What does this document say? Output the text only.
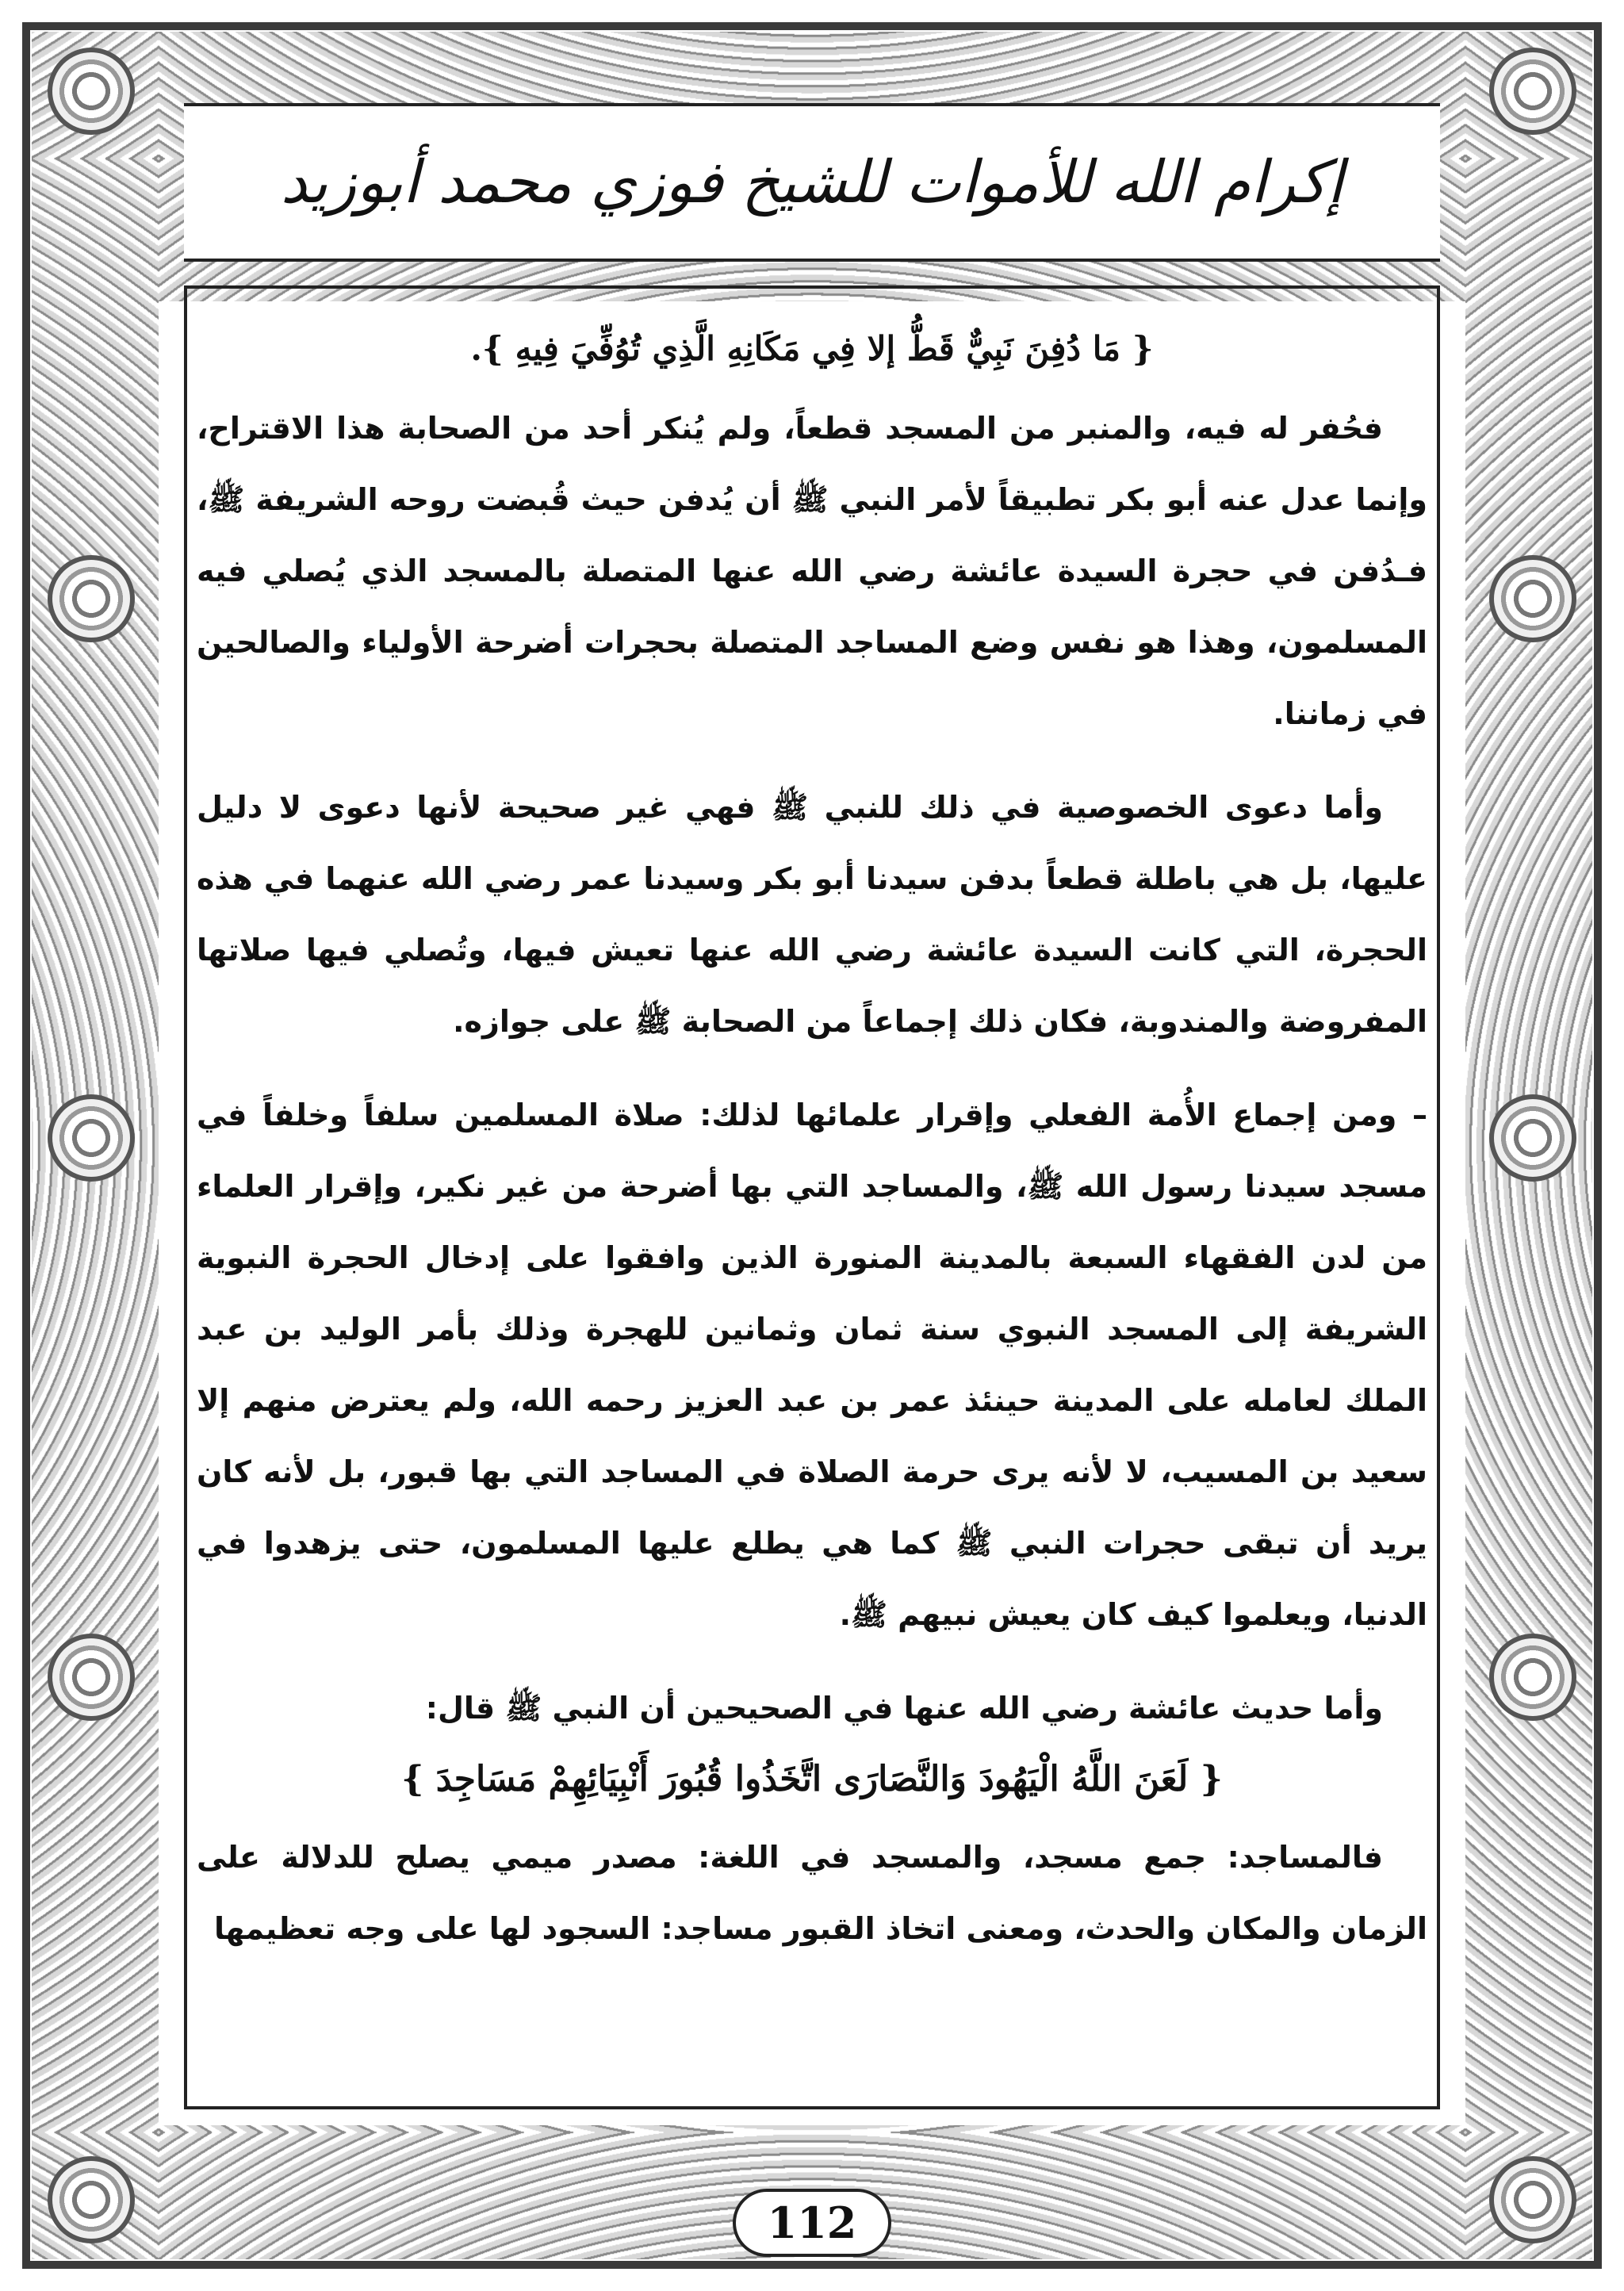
إكرام الله للأموات للشيخ فوزي محمد أبوزيد

{ مَا دُفِنَ نَبِيٌّ قَطُّ إلا فِي مَكَانِهِ الَّذِي تُوُفِّيَ فِيهِ }.

فحُفر له فيه، والمنبر من المسجد قطعاً، ولم يُنكر أحد من الصحابة هذا الاقتراح، وإنما عدل عنه أبو بكر تطبيقاً لأمر النبي ﷺ أن يُدفن حيث قُبضت روحه الشريفة ﷺ، فـدُفن في حجرة السيدة عائشة رضي الله عنها المتصلة بالمسجد الذي يُصلي فيه المسلمون، وهذا هو نفس وضع المساجد المتصلة بحجرات أضرحة الأولياء والصالحين في زماننا.

وأما دعوى الخصوصية في ذلك للنبي ﷺ فهي غير صحيحة لأنها دعوى لا دليل عليها، بل هي باطلة قطعاً بدفن سيدنا أبو بكر وسيدنا عمر رضي الله عنهما في هذه الحجرة، التي كانت السيدة عائشة رضي الله عنها تعيش فيها، وتُصلي فيها صلاتها المفروضة والمندوبة، فكان ذلك إجماعاً من الصحابة ﷺ على جوازه.

– ومن إجماع الأُمة الفعلي وإقرار علمائها لذلك: صلاة المسلمين سلفاً وخلفاً في مسجد سيدنا رسول الله ﷺ، والمساجد التي بها أضرحة من غير نكير، وإقرار العلماء من لدن الفقهاء السبعة بالمدينة المنورة الذين وافقوا على إدخال الحجرة النبوية الشريفة إلى المسجد النبوي سنة ثمان وثمانين للهجرة وذلك بأمر الوليد بن عبد الملك لعامله على المدينة حينئذ عمر بن عبد العزيز رحمه الله، ولم يعترض منهم إلا سعيد بن المسيب، لا لأنه يرى حرمة الصلاة في المساجد التي بها قبور، بل لأنه كان يريد أن تبقى حجرات النبي ﷺ كما هي يطلع عليها المسلمون، حتى يزهدوا في الدنيا، ويعلموا كيف كان يعيش نبيهم ﷺ.

وأما حديث عائشة رضي الله عنها في الصحيحين أن النبي ﷺ قال:

{ لَعَنَ اللَّهُ الْيَهُودَ وَالنَّصَارَى اتَّخَذُوا قُبُورَ أَنْبِيَائِهِمْ مَسَاجِدَ }

فالمساجد: جمع مسجد، والمسجد في اللغة: مصدر ميمي يصلح للدلالة على الزمان والمكان والحدث، ومعنى اتخاذ القبور مساجد: السجود لها على وجه تعظيمها

112
